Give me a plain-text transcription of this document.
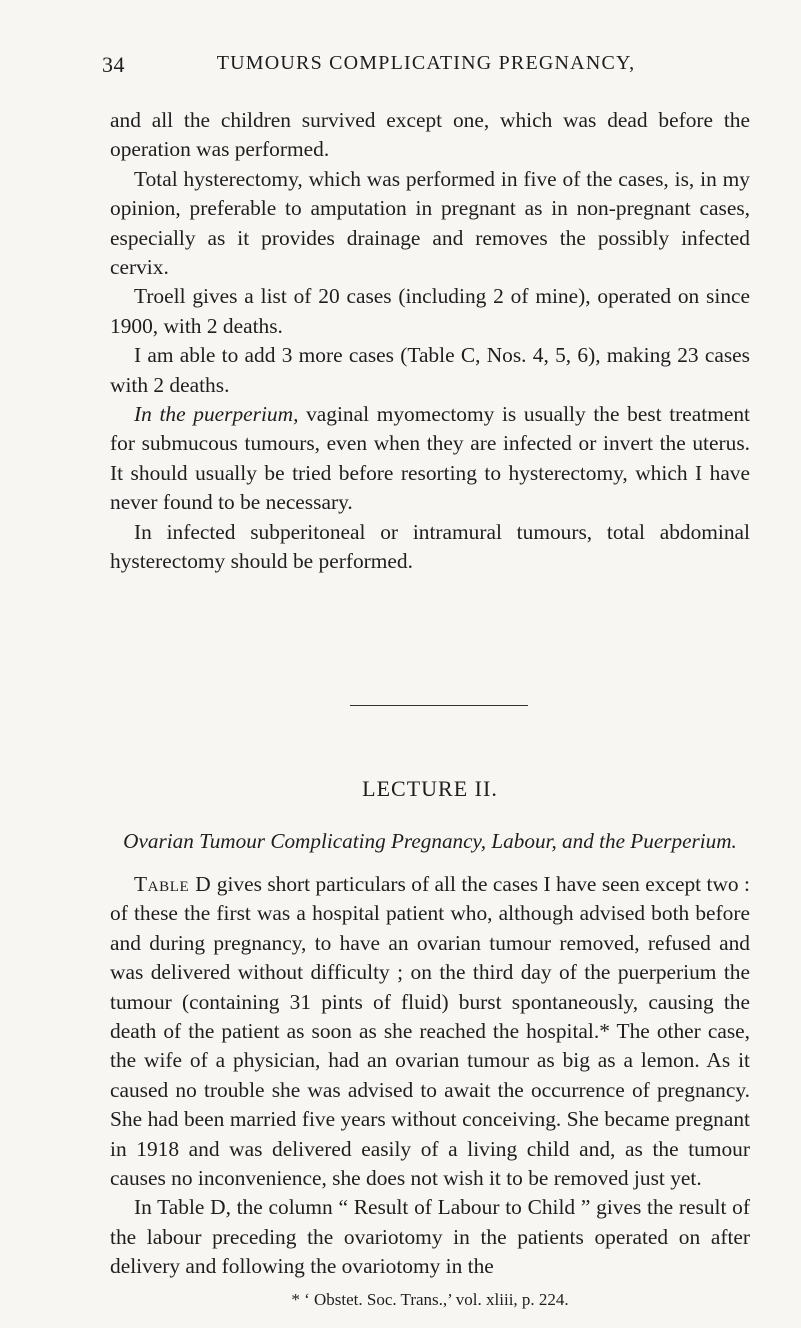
34	TUMOURS COMPLICATING PREGNANCY,

and all the children survived except one, which was dead before the operation was performed.

Total hysterectomy, which was performed in five of the cases, is, in my opinion, preferable to amputation in pregnant as in non-pregnant cases, especially as it provides drainage and removes the possibly infected cervix.

Troell gives a list of 20 cases (including 2 of mine), operated on since 1900, with 2 deaths.

I am able to add 3 more cases (Table C, Nos. 4, 5, 6), making 23 cases with 2 deaths.

In the puerperium, vaginal myomectomy is usually the best treatment for submucous tumours, even when they are infected or invert the uterus. It should usually be tried before resorting to hysterectomy, which I have never found to be necessary.

In infected subperitoneal or intramural tumours, total abdominal hysterectomy should be performed.

LECTURE II.
Ovarian Tumour Complicating Pregnancy, Labour, and the Puerperium.

Table D gives short particulars of all the cases I have seen except two : of these the first was a hospital patient who, although advised both before and during pregnancy, to have an ovarian tumour removed, refused and was delivered without difficulty ; on the third day of the puerperium the tumour (containing 31 pints of fluid) burst spontaneously, causing the death of the patient as soon as she reached the hospital.* The other case, the wife of a physician, had an ovarian tumour as big as a lemon. As it caused no trouble she was advised to await the occurrence of pregnancy. She had been married five years without conceiving. She became pregnant in 1918 and was delivered easily of a living child and, as the tumour causes no inconvenience, she does not wish it to be removed just yet.

In Table D, the column “ Result of Labour to Child ” gives the result of the labour preceding the ovariotomy in the patients operated on after delivery and following the ovariotomy in the

* ‘ Obstet. Soc. Trans.,’ vol. xliii, p. 224.
